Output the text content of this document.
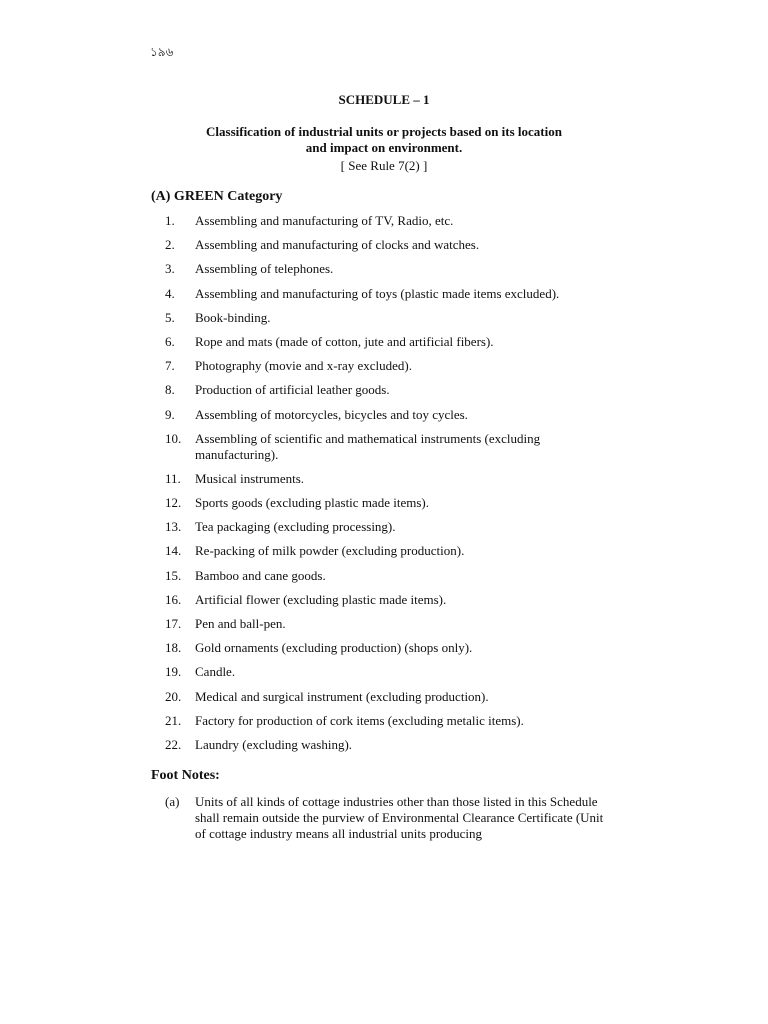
১৯৬
SCHEDULE – 1
Classification of industrial units or projects based on its location
and impact on environment.
[ See Rule 7(2) ]
(A) GREEN Category
1.	Assembling and manufacturing of TV, Radio, etc.
2.	Assembling and manufacturing of clocks and watches.
3.	Assembling of telephones.
4.	Assembling and manufacturing of toys (plastic made items excluded).
5.	Book-binding.
6.	Rope and mats (made of cotton, jute and artificial fibers).
7.	Photography (movie and x-ray excluded).
8.	Production of artificial leather goods.
9.	Assembling of motorcycles, bicycles and toy cycles.
10.	Assembling of scientific and mathematical instruments (excluding manufacturing).
11.	Musical instruments.
12.	Sports goods (excluding plastic made items).
13.	Tea packaging (excluding processing).
14.	Re-packing of milk powder (excluding production).
15.	Bamboo and cane goods.
16.	Artificial flower (excluding plastic made items).
17.	Pen and ball-pen.
18.	Gold ornaments (excluding production) (shops only).
19.	Candle.
20.	Medical and surgical instrument (excluding production).
21.	Factory for production of cork items (excluding metalic items).
22.	Laundry (excluding washing).
Foot Notes:
(a)	Units of all kinds of cottage industries other than those listed in this Schedule shall remain outside the purview of Environmental Clearance Certificate (Unit of cottage industry means all industrial units producing
